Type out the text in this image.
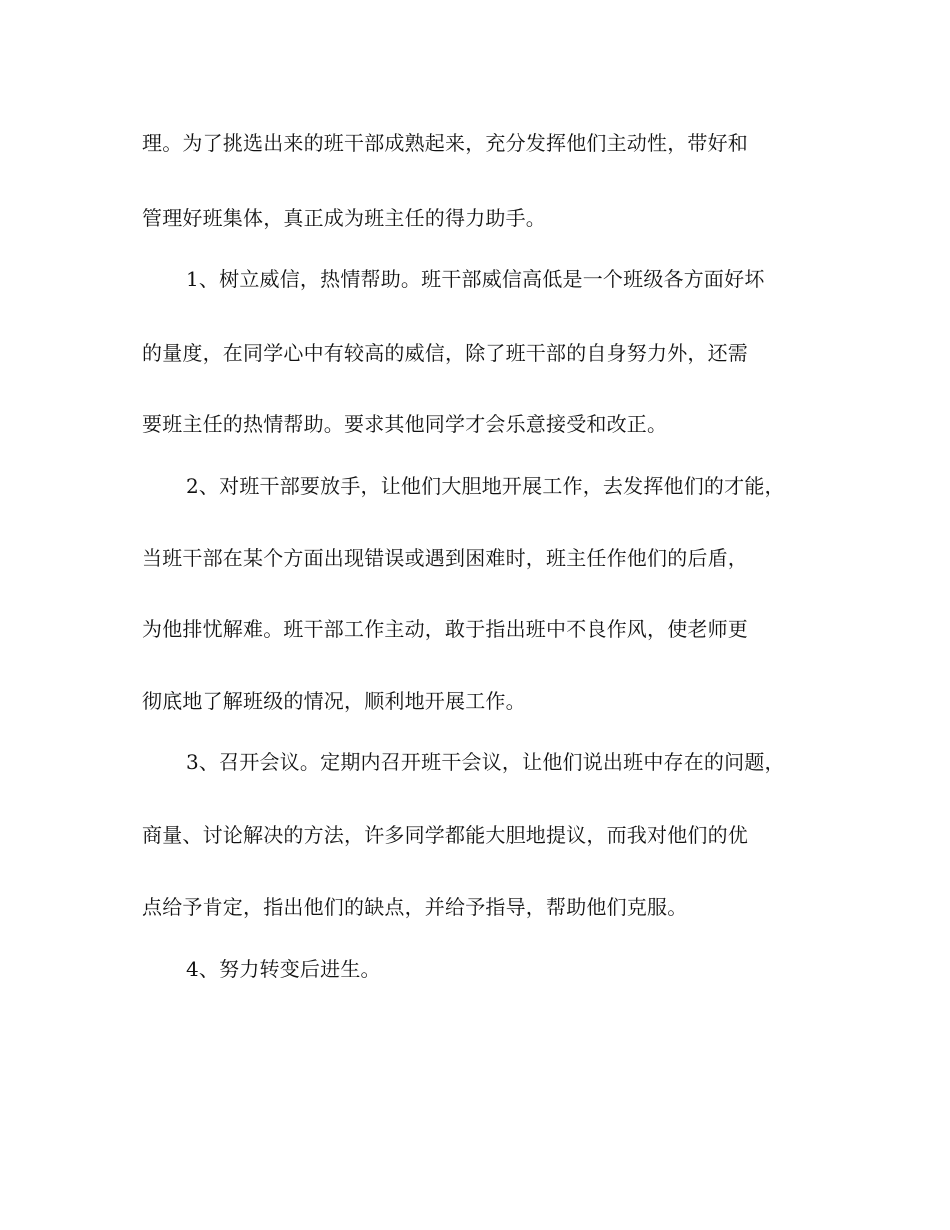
理。为了挑选出来的班干部成熟起来，充分发挥他们主动性，带好和
管理好班集体，真正成为班主任的得力助手。
1、树立威信，热情帮助。班干部威信高低是一个班级各方面好坏
的量度，在同学心中有较高的威信，除了班干部的自身努力外，还需
要班主任的热情帮助。要求其他同学才会乐意接受和改正。
2、对班干部要放手，让他们大胆地开展工作，去发挥他们的才能，
当班干部在某个方面出现错误或遇到困难时，班主任作他们的后盾，
为他排忧解难。班干部工作主动，敢于指出班中不良作风，使老师更
彻底地了解班级的情况，顺利地开展工作。
3、召开会议。定期内召开班干会议，让他们说出班中存在的问题，
商量、讨论解决的方法，许多同学都能大胆地提议，而我对他们的优
点给予肯定，指出他们的缺点，并给予指导，帮助他们克服。
4、努力转变后进生。
